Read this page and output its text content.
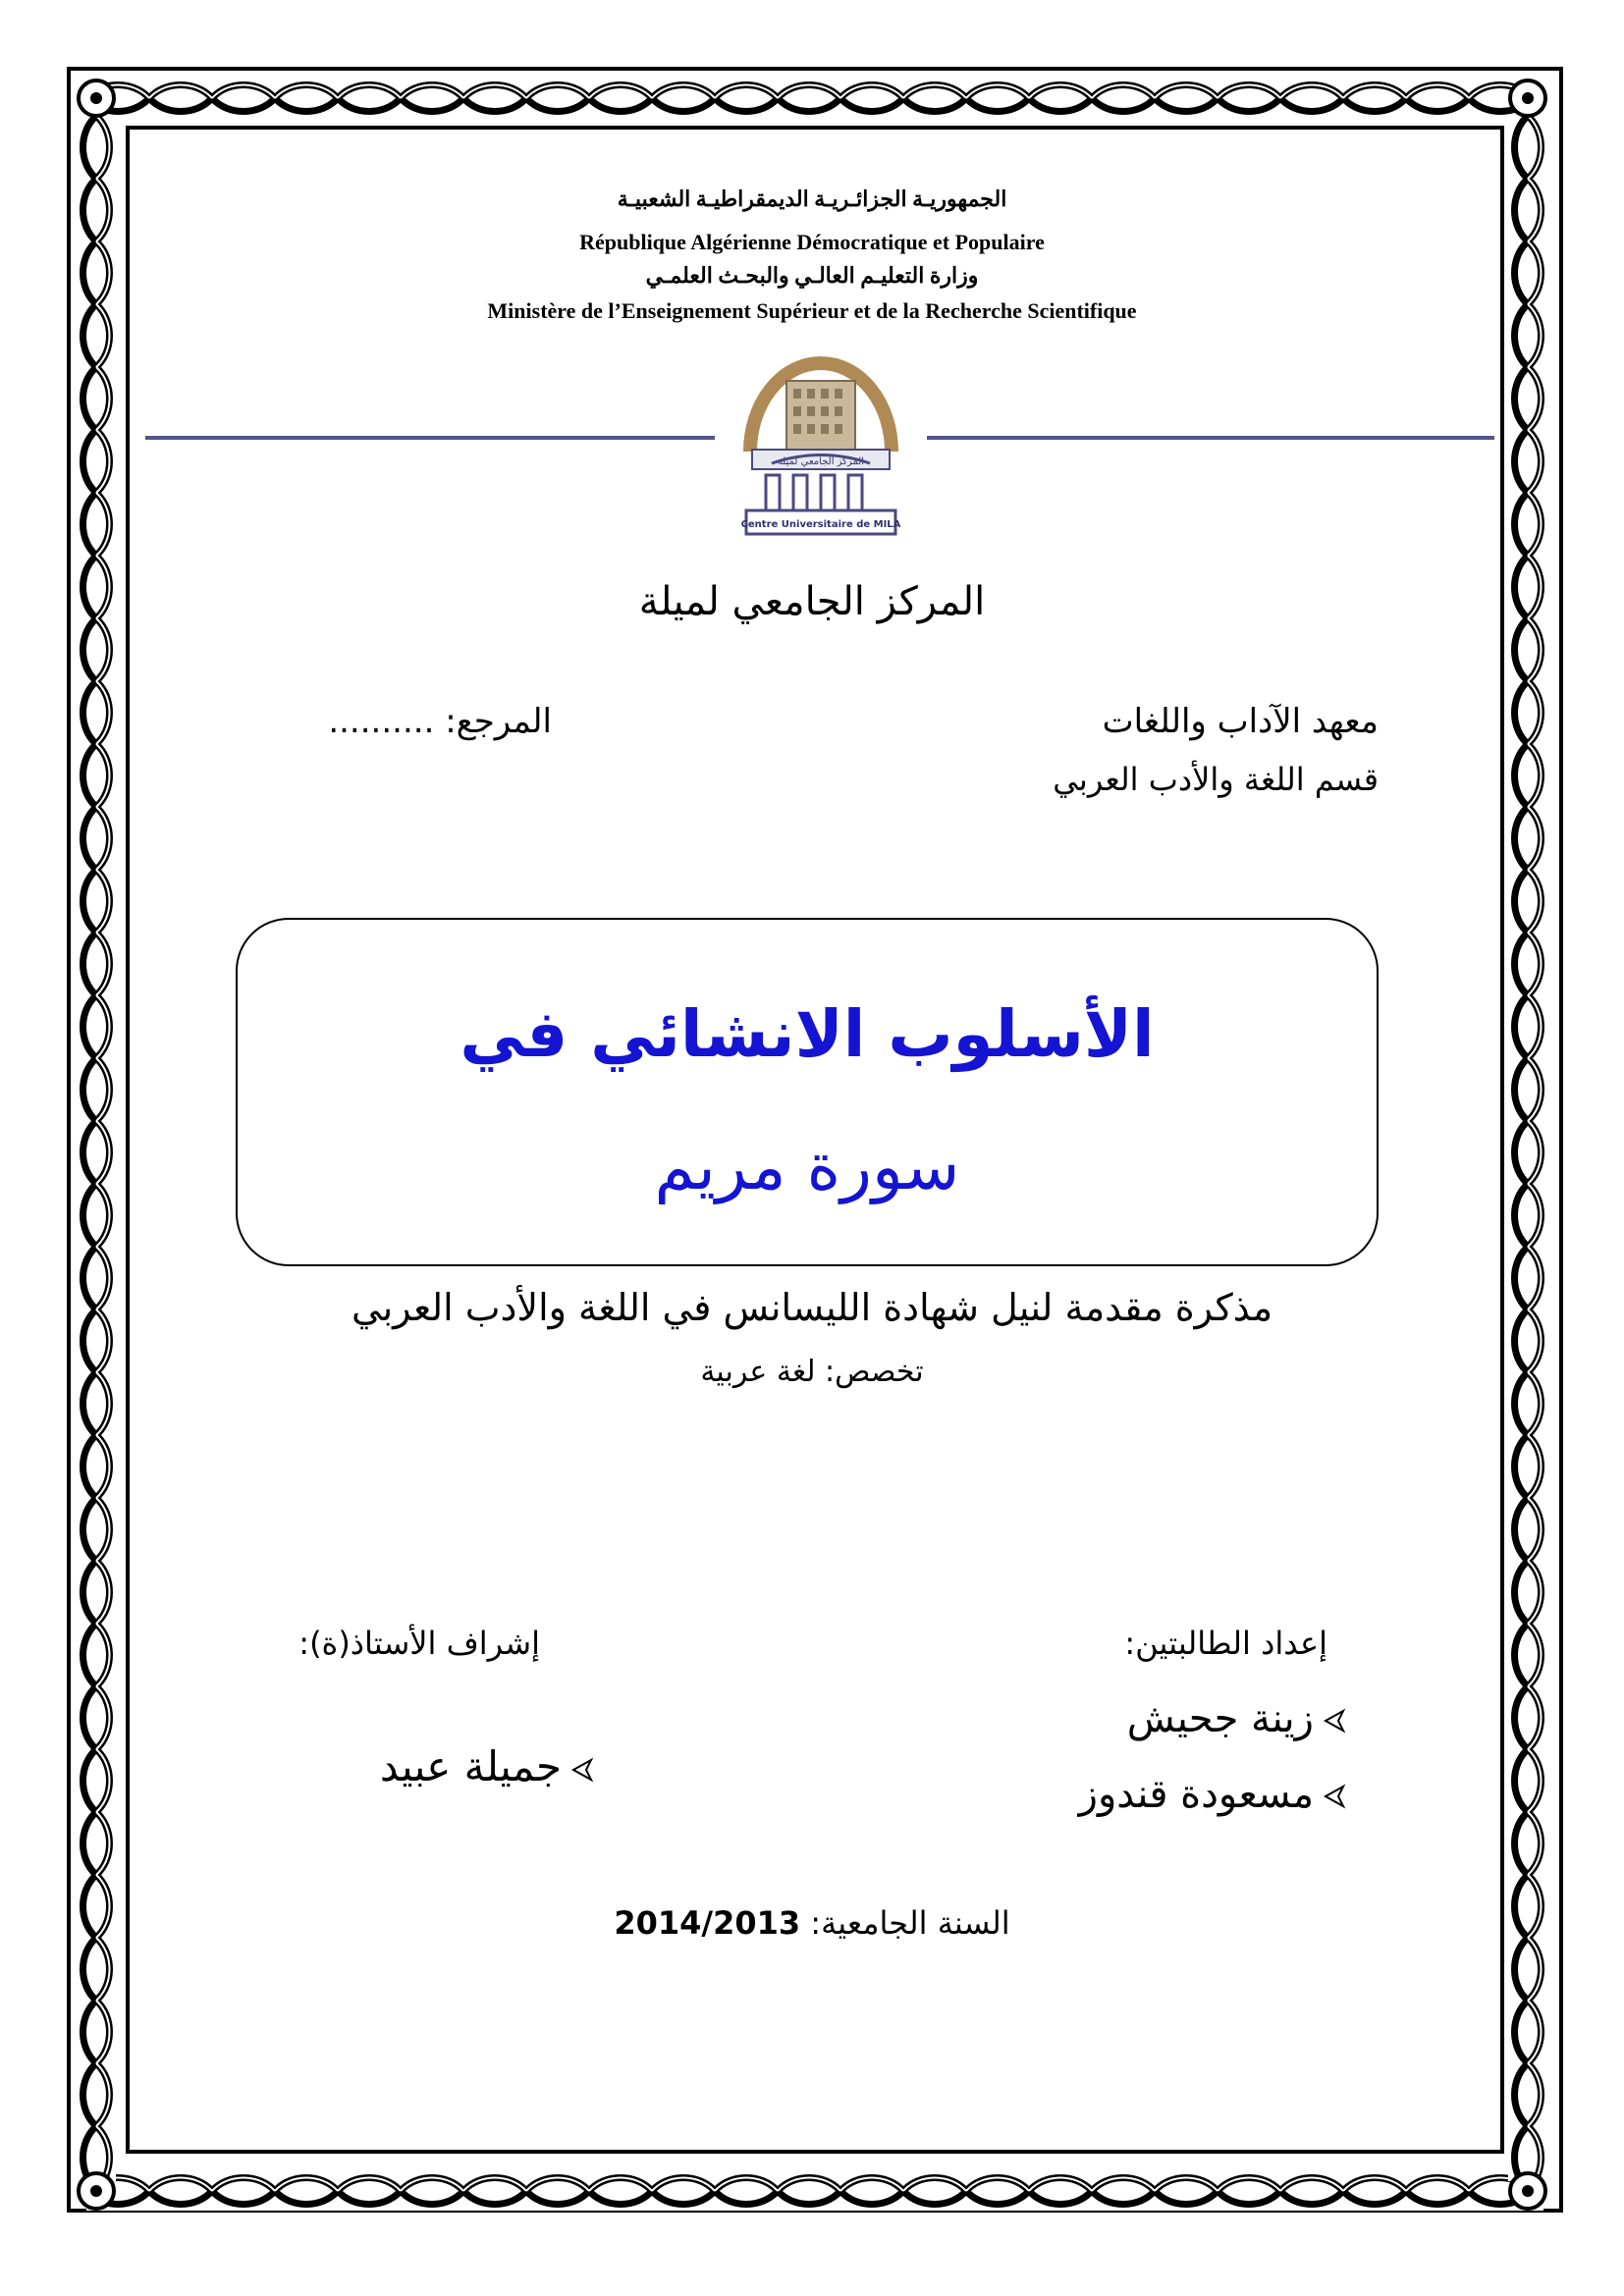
الجمهوريـة الجزائـريـة الديمقراطيـة الشعبيـة
République Algérienne Démocratique et Populaire
وزارة التعليـم العالـي والبحـث العلمـي
Ministère de l’Enseignement Supérieur et de la Recherche Scientifique
المركز الجامعي لميلة
Centre Universitaire de MILA
المركز الجامعي لميلة
معهد الآداب واللغات
قسم اللغة والأدب العربي
المرجع: ..........
الأسلوب الانشائي في
سورة مريم
مذكرة مقدمة لنيل شهادة الليسانس في اللغة والأدب العربي
تخصص: لغة عربية
إعداد الطالبتين:
زينة جحيش
مسعودة قندوز
إشراف الأستاذ(ة):
جميلة عبيد
السنة الجامعية: 2014/2013
